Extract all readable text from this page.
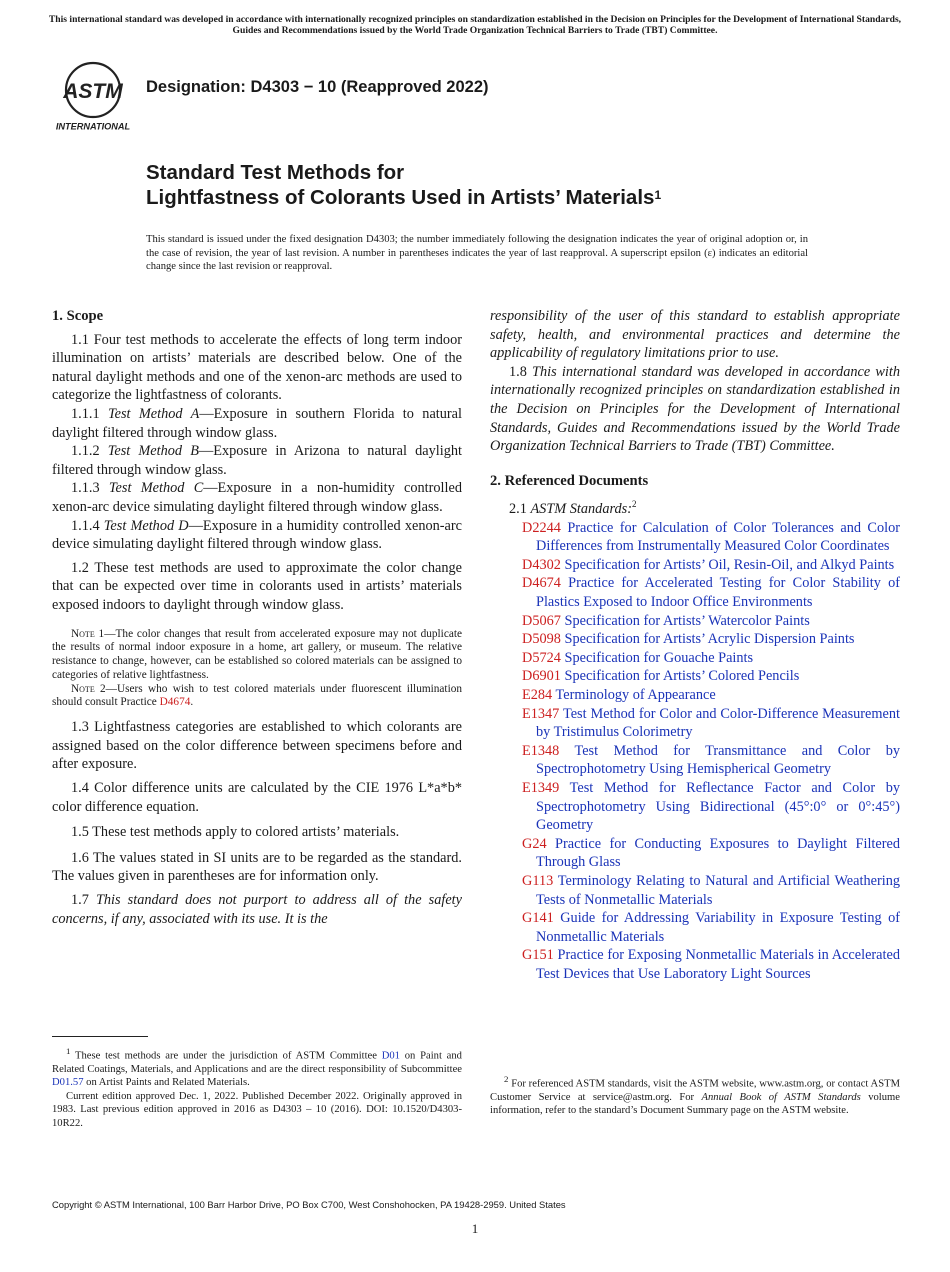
This international standard was developed in accordance with internationally recognized principles on standardization established in the Decision on Principles for the Development of International Standards, Guides and Recommendations issued by the World Trade Organization Technical Barriers to Trade (TBT) Committee.
ASTM
INTERNATIONAL
Designation: D4303 − 10 (Reapproved 2022)
Standard Test Methods for
Lightfastness of Colorants Used in Artists’ Materials$^1$
This standard is issued under the fixed designation D4303; the number immediately following the designation indicates the year of original adoption or, in the case of revision, the year of last revision. A number in parentheses indicates the year of last reapproval. A superscript epsilon (ε) indicates an editorial change since the last revision or reapproval.
1. Scope

1.1 Four test methods to accelerate the effects of long term indoor illumination on artists’ materials are described below. One of the natural daylight methods and one of the xenon-arc methods are used to categorize the lightfastness of colorants.

1.1.1 Test Method A—Exposure in southern Florida to natural daylight filtered through window glass.

1.1.2 Test Method B—Exposure in Arizona to natural daylight filtered through window glass.

1.1.3 Test Method C—Exposure in a non-humidity controlled xenon-arc device simulating daylight filtered through window glass.

1.1.4 Test Method D—Exposure in a humidity controlled xenon-arc device simulating daylight filtered through window glass.

1.2 These test methods are used to approximate the color change that can be expected over time in colorants used in artists’ materials exposed indoors to daylight through window glass.

Note 1—The color changes that result from accelerated exposure may not duplicate the results of normal indoor exposure in a home, art gallery, or museum. The relative resistance to change, however, can be established so colored materials can be assigned to categories of relative lightfastness.

Note 2—Users who wish to test colored materials under fluorescent illumination should consult Practice D4674.

1.3 Lightfastness categories are established to which colorants are assigned based on the color difference between specimens before and after exposure.

1.4 Color difference units are calculated by the CIE 1976 L*a*b* color difference equation.

1.5 These test methods apply to colored artists’ materials.

1.6 The values stated in SI units are to be regarded as the standard. The values given in parentheses are for information only.

1.7 This standard does not purport to address all of the safety concerns, if any, associated with its use. It is the

$^1$ These test methods are under the jurisdiction of ASTM Committee D01 on Paint and Related Coatings, Materials, and Applications and are the direct responsibility of Subcommittee D01.57 on Artist Paints and Related Materials.

Current edition approved Dec. 1, 2022. Published December 2022. Originally approved in 1983. Last previous edition approved in 2016 as D4303 – 10 (2016). DOI: 10.1520/D4303-10R22.

responsibility of the user of this standard to establish appropriate safety, health, and environmental practices and determine the applicability of regulatory limitations prior to use.

1.8 This international standard was developed in accordance with internationally recognized principles on standardization established in the Decision on Principles for the Development of International Standards, Guides and Recommendations issued by the World Trade Organization Technical Barriers to Trade (TBT) Committee.

2. Referenced Documents

2.1 ASTM Standards:$^2$

D2244 Practice for Calculation of Color Tolerances and Color Differences from Instrumentally Measured Color Coordinates

D4302 Specification for Artists’ Oil, Resin-Oil, and Alkyd Paints

D4674 Practice for Accelerated Testing for Color Stability of Plastics Exposed to Indoor Office Environments

D5067 Specification for Artists’ Watercolor Paints

D5098 Specification for Artists’ Acrylic Dispersion Paints

D5724 Specification for Gouache Paints

D6901 Specification for Artists’ Colored Pencils

E284 Terminology of Appearance

E1347 Test Method for Color and Color-Difference Measurement by Tristimulus Colorimetry

E1348 Test Method for Transmittance and Color by Spectrophotometry Using Hemispherical Geometry

E1349 Test Method for Reflectance Factor and Color by Spectrophotometry Using Bidirectional (45°:0° or 0°:45°) Geometry

G24 Practice for Conducting Exposures to Daylight Filtered Through Glass

G113 Terminology Relating to Natural and Artificial Weathering Tests of Nonmetallic Materials

G141 Guide for Addressing Variability in Exposure Testing of Nonmetallic Materials

G151 Practice for Exposing Nonmetallic Materials in Accelerated Test Devices that Use Laboratory Light Sources

$^2$ For referenced ASTM standards, visit the ASTM website, www.astm.org, or contact ASTM Customer Service at service@astm.org. For Annual Book of ASTM Standards volume information, refer to the standard’s Document Summary page on the ASTM website.

Copyright © ASTM International, 100 Barr Harbor Drive, PO Box C700, West Conshohocken, PA 19428-2959. United States
1
